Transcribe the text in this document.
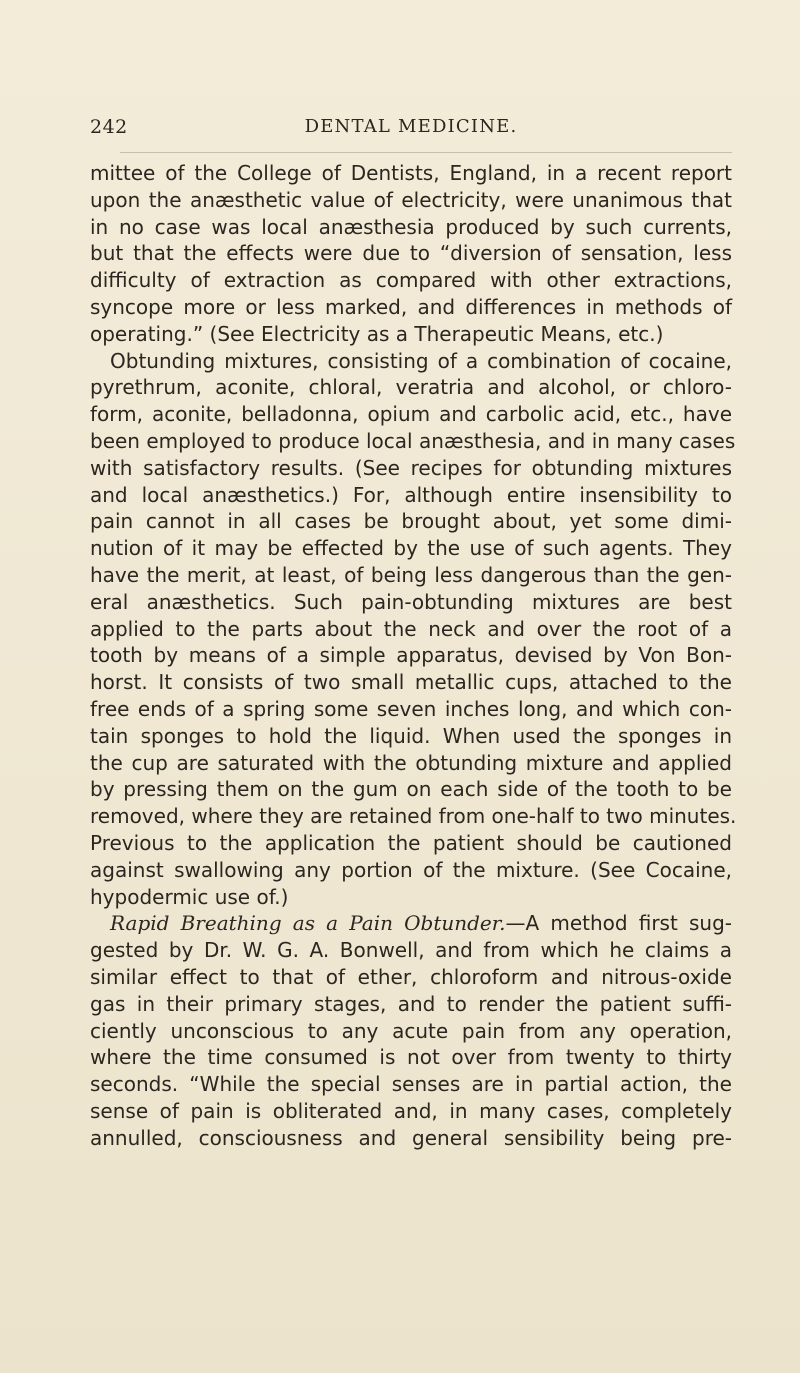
242	DENTAL MEDICINE.
mittee of the College of Dentists, England, in a recent report
upon the anæsthetic value of electricity, were unanimous that
in no case was local anæsthesia produced by such currents,
but that the effects were due to “diversion of sensation, less
difficulty of extraction as compared with other extractions,
syncope more or less marked, and differences in methods of
operating.” (See Electricity as a Therapeutic Means, etc.)
Obtunding mixtures, consisting of a combination of cocaine,
pyrethrum, aconite, chloral, veratria and alcohol, or chloro-
form, aconite, belladonna, opium and carbolic acid, etc., have
been employed to produce local anæsthesia, and in many cases
with satisfactory results. (See recipes for obtunding mixtures
and local anæsthetics.) For, although entire insensibility to
pain cannot in all cases be brought about, yet some dimi-
nution of it may be effected by the use of such agents. They
have the merit, at least, of being less dangerous than the gen-
eral anæsthetics. Such pain-obtunding mixtures are best
applied to the parts about the neck and over the root of a
tooth by means of a simple apparatus, devised by Von Bon-
horst. It consists of two small metallic cups, attached to the
free ends of a spring some seven inches long, and which con-
tain sponges to hold the liquid. When used the sponges in
the cup are saturated with the obtunding mixture and applied
by pressing them on the gum on each side of the tooth to be
removed, where they are retained from one-half to two minutes.
Previous to the application the patient should be cautioned
against swallowing any portion of the mixture. (See Cocaine,
hypodermic use of.)
Rapid Breathing as a Pain Obtunder.—A method first sug-
gested by Dr. W. G. A. Bonwell, and from which he claims a
similar effect to that of ether, chloroform and nitrous-oxide
gas in their primary stages, and to render the patient suffi-
ciently unconscious to any acute pain from any operation,
where the time consumed is not over from twenty to thirty
seconds. “While the special senses are in partial action, the
sense of pain is obliterated and, in many cases, completely
annulled, consciousness and general sensibility being pre-
